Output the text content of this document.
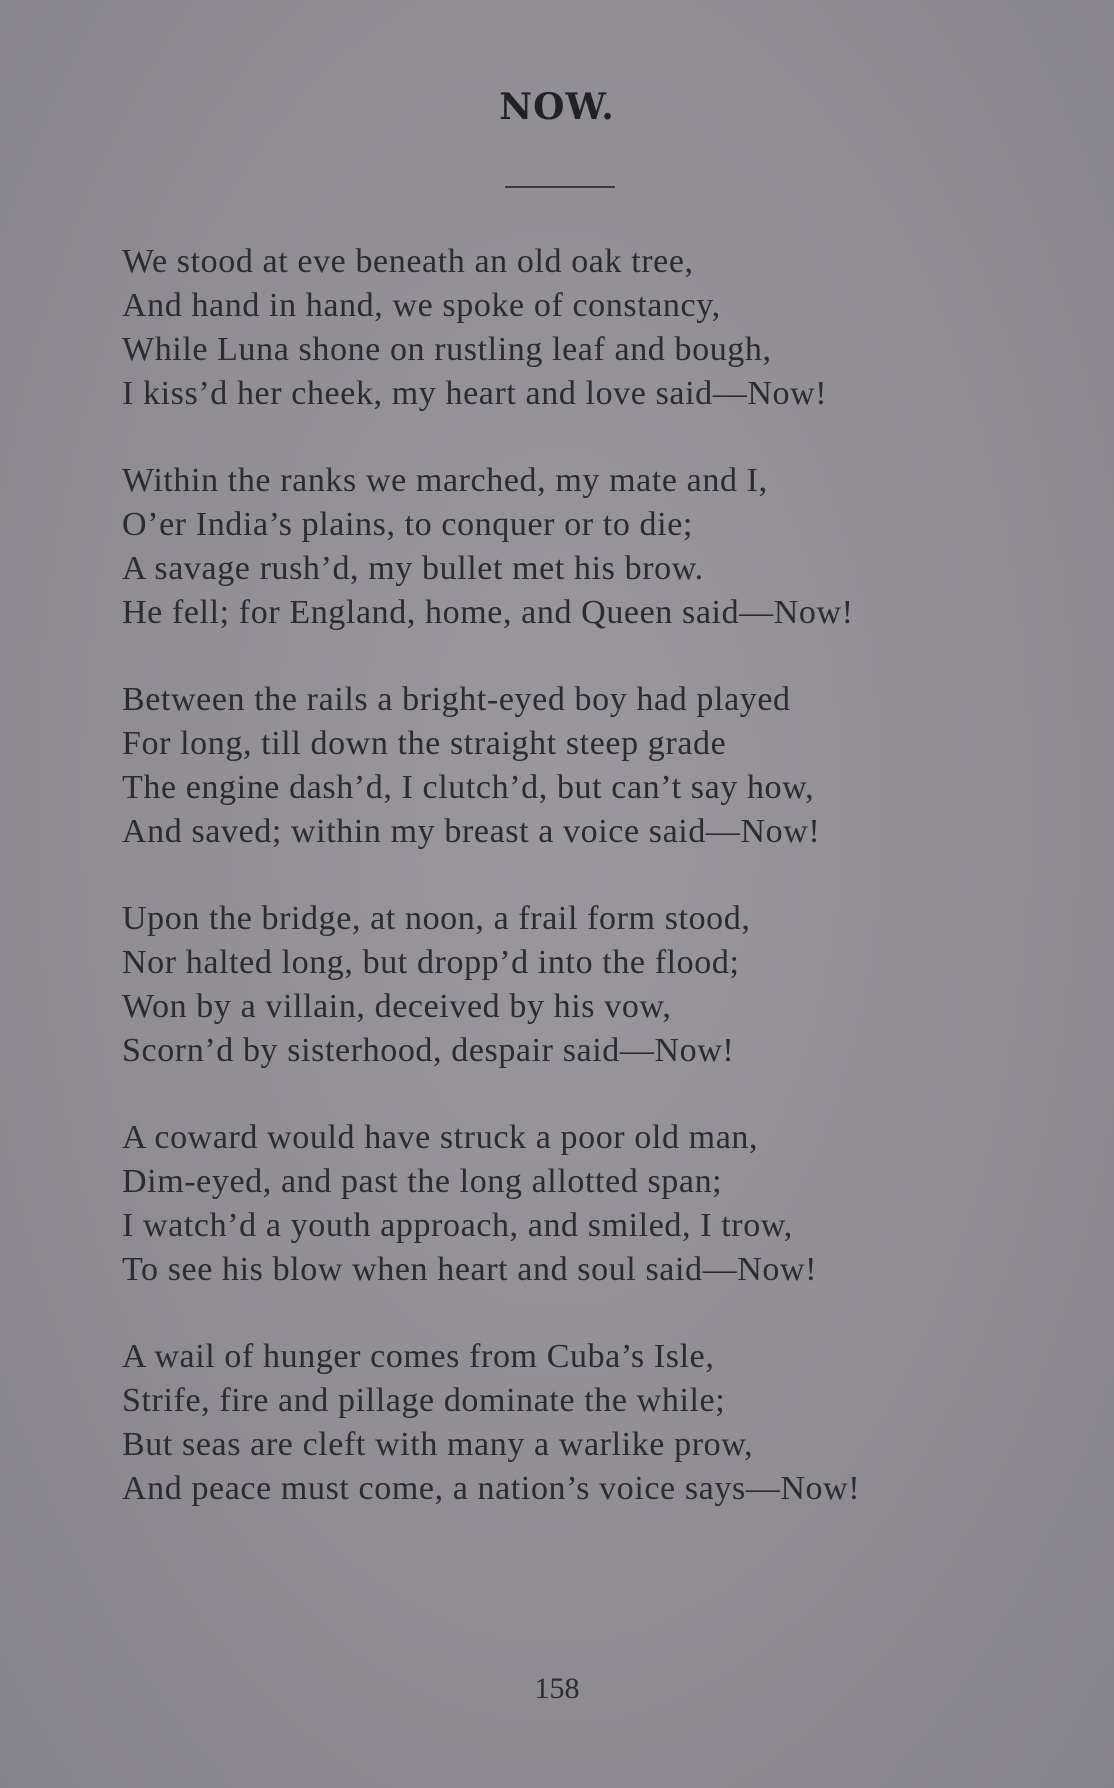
NOW.
We stood at eve beneath an old oak tree,
And hand in hand, we spoke of constancy,
While Luna shone on rustling leaf and bough,
I kiss’d her cheek, my heart and love said—Now!
Within the ranks we marched, my mate and I,
O’er India’s plains, to conquer or to die;
A savage rush’d, my bullet met his brow.
He fell; for England, home, and Queen said—Now!
Between the rails a bright-eyed boy had played
For long, till down the straight steep grade
The engine dash’d, I clutch’d, but can’t say how,
And saved; within my breast a voice said—Now!
Upon the bridge, at noon, a frail form stood,
Nor halted long, but dropp’d into the flood;
Won by a villain, deceived by his vow,
Scorn’d by sisterhood, despair said—Now!
A coward would have struck a poor old man,
Dim-eyed, and past the long allotted span;
I watch’d a youth approach, and smiled, I trow,
To see his blow when heart and soul said—Now!
A wail of hunger comes from Cuba’s Isle,
Strife, fire and pillage dominate the while;
But seas are cleft with many a warlike prow,
And peace must come, a nation’s voice says—Now!
158
